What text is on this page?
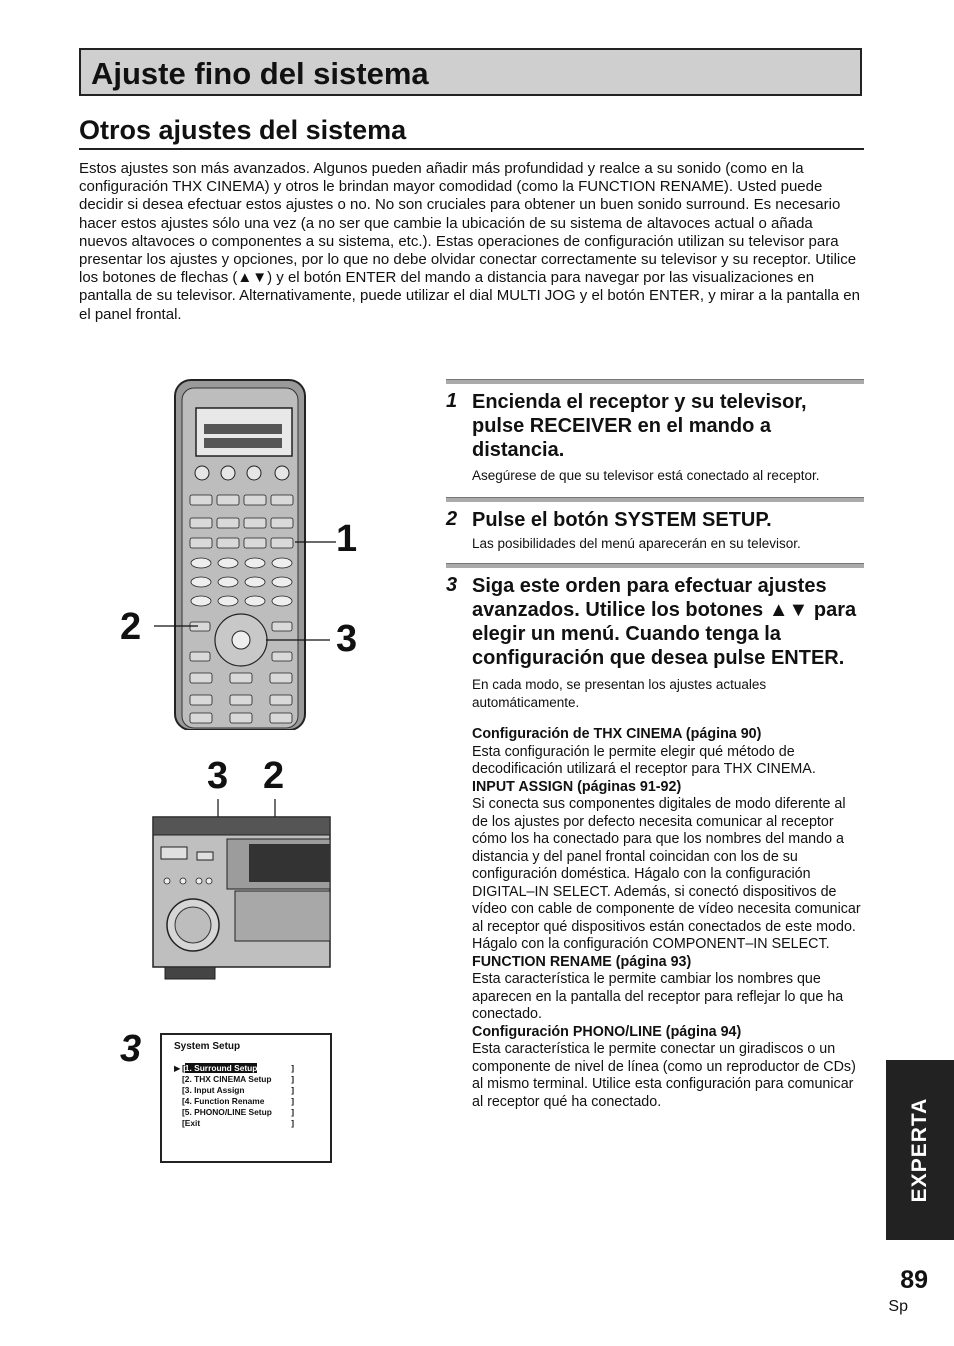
Ajuste fino del sistema
Otros ajustes del sistema
Estos ajustes son más avanzados. Algunos pueden añadir más profundidad y realce a su sonido (como en la configuración THX CINEMA) y otros le brindan mayor comodidad (como la FUNCTION RENAME). Usted puede decidir si desea efectuar estos ajustes o no. No son cruciales para obtener un buen sonido surround. Es necesario hacer estos ajustes sólo una vez (a no ser que cambie la ubicación de su sistema de altavoces actual o añada nuevos altavoces o componentes a su sistema, etc.). Estas operaciones de configuración utilizan su televisor para presentar los ajustes y opciones, por lo que no debe olvidar conectar correctamente su televisor y su receptor. Utilice los botones de flechas (▲▼) y el botón ENTER del mando a distancia para navegar por las visualizaciones en pantalla de su televisor. Alternativamente, puede utilizar el dial MULTI JOG y el botón ENTER, y mirar a la pantalla en el panel frontal.
1
2	3
3 2
3	System Setup
▶ [1. Surround Setup	]
[2. THX CINEMA Setup ]
[3. Input Assign	]
[4. Function Rename	]
[5. PHONO/LINE Setup ]
[Exit	]
1 Encienda el receptor y su televisor, pulse RECEIVER en el mando a distancia.
Asegúrese de que su televisor está conectado al receptor.
2 Pulse el botón SYSTEM SETUP.
Las posibilidades del menú aparecerán en su televisor.
3 Siga este orden para efectuar ajustes avanzados. Utilice los botones ▲▼ para elegir un menú. Cuando tenga la configuración que desea pulse ENTER.
En cada modo, se presentan los ajustes actuales automáticamente.
Configuración de THX CINEMA (página 90)
Esta configuración le permite elegir qué método de decodificación utilizará el receptor para THX CINEMA.
INPUT ASSIGN (páginas 91-92)
Si conecta sus componentes digitales de modo diferente al de los ajustes por defecto necesita comunicar al receptor cómo los ha conectado para que los nombres del mando a distancia y del panel frontal coincidan con los de su configuración doméstica. Hágalo con la configuración DIGITAL–IN SELECT. Además, si conectó dispositivos de vídeo con cable de componente de vídeo necesita comunicar al receptor qué dispositivos están conectados de este modo. Hágalo con la configuración COMPONENT–IN SELECT.
FUNCTION RENAME (página 93)
Esta característica le permite cambiar los nombres que aparecen en la pantalla del receptor para reflejar lo que ha conectado.
Configuración PHONO/LINE (página 94)
Esta característica le permite conectar un giradiscos o un componente de nivel de línea (como un reproductor de CDs) al mismo terminal. Utilice esta configuración para comunicar al receptor qué ha conectado.	EXPERTA
89
Sp
